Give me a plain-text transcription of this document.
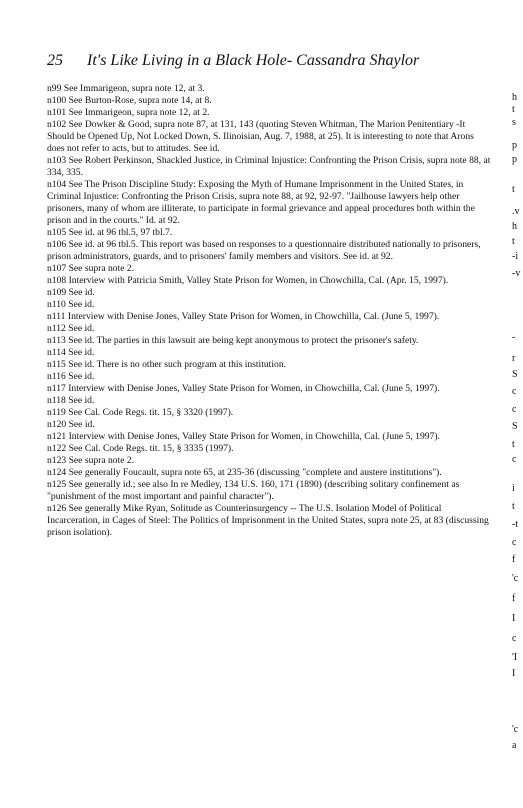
25 It's Like Living in a Black Hole- Cassandra Shaylor

n99 See Immarigeon, supra note 12, at 3.

n100 See Burton-Rose, supra note 14, at 8.

n101 See Immarigeon, supra note 12, at 2.

n102 See Dowker & Good, supra note 87, at 131, 143 (quoting Steven Whitman, The Marion Penitentiary -It Should be Opened Up, Not Locked Down, S. Ilinoisian, Aug. 7, 1988, at 25). It is interesting to note that Arons does not refer to acts, but to attitudes. See id.

n103 See Robert Perkinson, Shackled Justice, in Criminal Injustice: Confronting the Prison Crisis, supra note 88, at 334, 335.

n104 See The Prison Discipline Study: Exposing the Myth of Humane Imprisonment in the United States, in Criminal Injustice: Confronting the Prison Crisis, supra note 88, at 92, 92-97. "Jailhouse lawyers help other prisoners, many of whom are illiterate, to participate in formal grievance and appeal procedures both within the prison and in the courts." Id. at 92.

n105 See id. at 96 tbl.5, 97 tbl.7.

n106 See id. at 96 tbl.5. This report was based on responses to a questionnaire distributed nationally to prisoners, prison administrators, guards, and to prisoners' family members and visitors. See id. at 92.

n107 See supra note 2.

n108 Interview with Patricia Smith, Valley State Prison for Women, in Chowchilla, Cal. (Apr. 15, 1997).

n109 See id.

n110 See id.

n111 Interview with Denise Jones, Valley State Prison for Women, in Chowchilla, Cal. (June 5, 1997).

n112 See id.

n113 See id. The parties in this lawsuit are being kept anonymous to protect the prisoner's safety.

n114 See id.

n115 See id. There is no other such program at this institution.

n116 See id.

n117 Interview with Denise Jones, Valley State Prison for Women, in Chowchilla, Cal. (June 5, 1997).

n118 See id.

n119 See Cal. Code Regs. tit. 15, § 3320 (1997).

n120 See id.

n121 Interview with Denise Jones, Valley State Prison for Women, in Chowchilla, Cal. (June 5, 1997).

n122 See Cal. Code Regs. tit. 15, § 3335 (1997).

n123 See supra note 2.

n124 See generally Foucault, supra note 65, at 235-36 (discussing "complete and austere institutions").

n125 See generally id.; see also In re Medley, 134 U.S. 160, 171 (1890) (describing solitary confinement as "punishment of the most important and painful character").

n126 See generally Mike Ryan, Solitude as Counterinsurgency -- The U.S. Isolation Model of Political Incarceration, in Cages of Steel: The Politics of Imprisonment in the United States, supra note 25, at 83 (discussing prison isolation).

h
t
s
p
p
t
.v
h
t
-i
-v
-
r
S
c
c
S
t
c
i
t
-t
c
f
'c
f
I
c
'I
I
'c
a
